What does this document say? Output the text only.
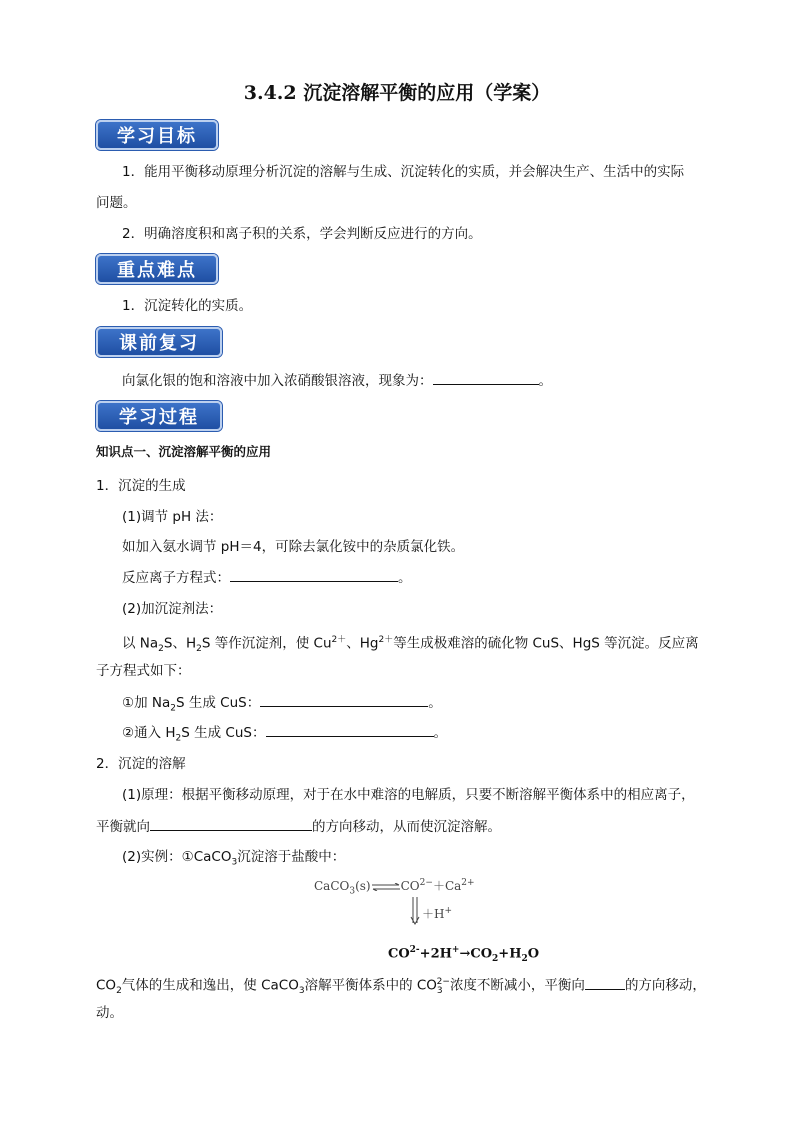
3.4.2 沉淀溶解平衡的应用（学案）
学习目标
1．能用平衡移动原理分析沉淀的溶解与生成、沉淀转化的实质，并会解决生产、生活中的实际
问题。
2．明确溶度积和离子积的关系，学会判断反应进行的方向。
重点难点
1．沉淀转化的实质。
课前复习
向氯化银的饱和溶液中加入浓硝酸银溶液，现象为：	。
学习过程
知识点一、沉淀溶解平衡的应用
1．沉淀的生成
(1)调节 pH 法：
如加入氨水调节 pH＝4，可除去氯化铵中的杂质氯化铁。
反应离子方程式：	。
(2)加沉淀剂法：
以 $Na_2S$、$H_2S$ 等作沉淀剂，使 $Cu^{2+}$、$Hg^{2+}$等生成极难溶的硫化物 CuS、HgS 等沉淀。反应离
子方程式如下：
①加 $Na_2S$ 生成 CuS：	。
②通入 $H_2S$ 生成 CuS：	。
2．沉淀的溶解
(1)原理：根据平衡移动原理，对于在水中难溶的电解质，只要不断溶解平衡体系中的相应离子，
平衡就向	的方向移动，从而使沉淀溶解。
(2)实例：①CaCO$_3$沉淀溶于盐酸中：
$CaCO_3(s)\rightleftharpoons CO^{2-}+Ca^{2+}$
＋H+
$CO^{2-}+2H^+\to CO_2+H_2O$
$CO_2$气体的生成和逸出，使 CaCO$_3$溶解平衡体系中的 $CO_3^{2-}$浓度不断减小，平衡向	的方向移动，
动。
